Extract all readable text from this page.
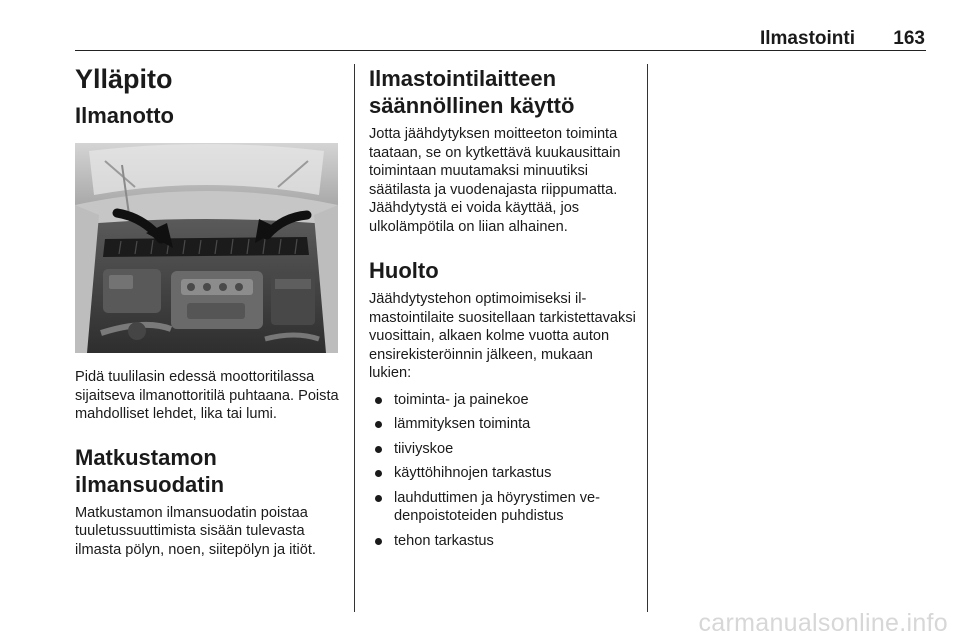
Ilmastointi 163
Ylläpito
Ilmanotto

Pidä tuulilasin edessä moottoritilassa sijaitseva ilmanottoritilä puhtaana. Poista mahdolliset lehdet, lika tai lumi.

Matkustamon
ilmansuodatin

Matkustamon ilmansuodatin poistaa tuuletussuuttimista sisään tulevasta ilmasta pölyn, noen, siitepölyn ja itiöt.

Ilmastointilaitteen
säännöllinen käyttö

Jotta jäähdytyksen moitteeton toiminta taataan, se on kytkettävä kuukausittain toimintaan muutamaksi minuutiksi säätilasta ja vuodenajasta riippumatta. Jäähdytystä ei voida käyttää, jos ulkolämpötila on liian alhainen.

Huolto

Jäähdytystehon optimoimiseksi ilmastointilaite suositellaan tarkistettavaksi vuosittain, alkaen kolme vuotta auton ensirekisteröinnin jälkeen, mukaan lukien:

toiminta- ja painekoe
lämmityksen toiminta
tiiviyskoe
käyttöhihnojen tarkastus
lauhduttimen ja höyrystimen vedenpoistoteiden puhdistus
tehon tarkastus
carmanualsonline.info
